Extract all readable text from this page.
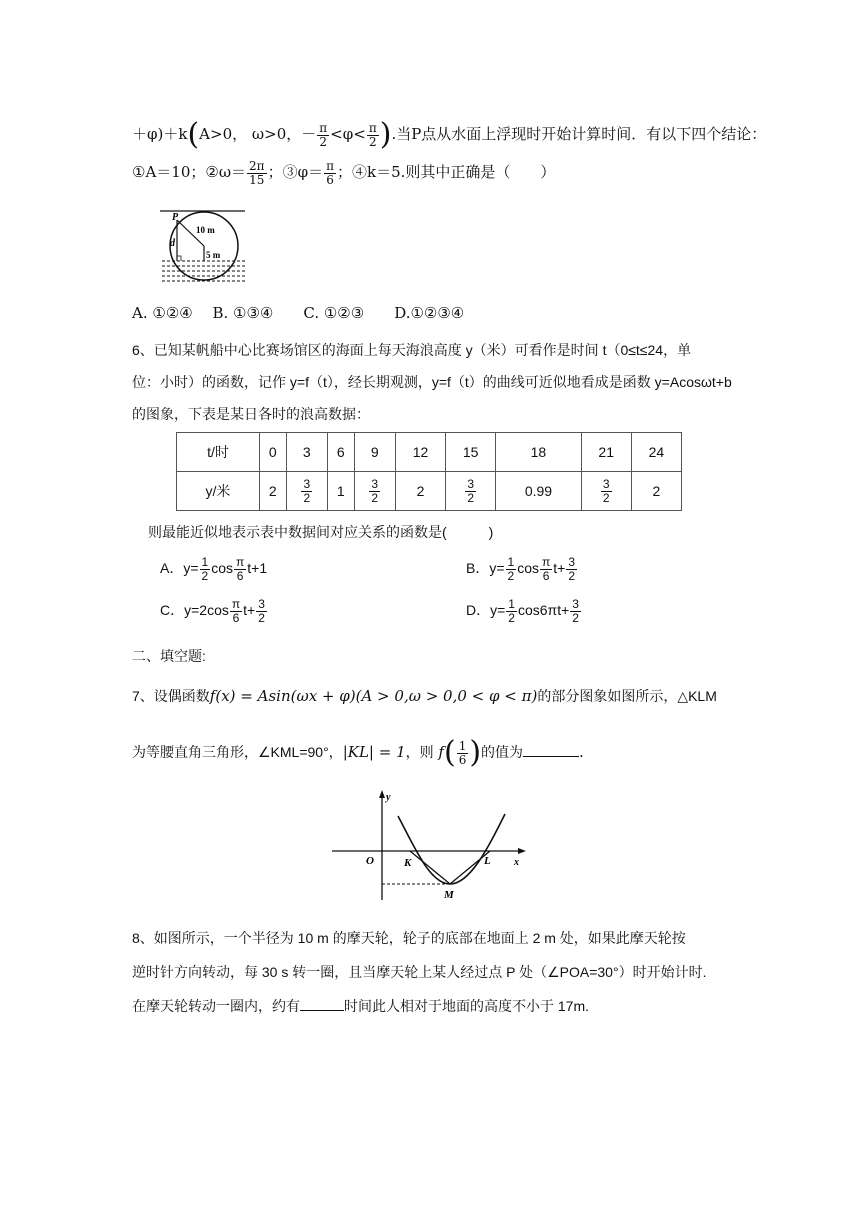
＋φ)＋k(A>0， ω>0，－ $\frac{\pi}{2} <\varphi< \frac{\pi}{2}$ ).当P点从水面上浮现时开始计算时间．有以下四个结论：
①A＝10；②ω＝ $\frac{2\pi}{15}$ ；③φ＝ $\frac{\pi}{6}$ ；④k＝5.则其中正确是（　　）
P
10 m
d
5 m
A. ①②④　 B. ①③④　　C. ①②③　　D.①②③④
6、已知某帆船中心比赛场馆区的海面上每天海浪高度 y（米）可看作是时间 t（0≤t≤24，单
位：小时）的函数，记作 y=f（t），经长期观测，y=f（t）的曲线可近似地看成是函数 y=Acosωt+b
的图象，下表是某日各时的浪高数据：
t/时	0	3	6	9	12	15	18	21	24
y/米	2	$\frac{3}{2}$	1	$\frac{3}{2}$	2	$\frac{3}{2}$	0.99	$\frac{3}{2}$	2
则最能近似地表示表中数据间对应关系的函数是(　　　)
A．$y= \frac{1}{2}$ $\cos \frac{\pi}{6} t+1$	B．$y= \frac{1}{2}$ $\cos \frac{\pi}{6} t+ \frac{3}{2}$
C．$y=2\cos \frac{\pi}{6} t+ \frac{3}{2}$	D．$y= \frac{1}{2} \cos 6\pi t+ \frac{3}{2}$
二、填空题:
7、设偶函数f(x) = Asin(ωx + φ)(A > 0,ω > 0,0 < φ < π)的部分图象如图所示，△KLM
为等腰直角三角形，∠KML=90°，|KL| = 1，则 $f( \frac{1}{6}$ )的值为	.
y
x
O	K	L
M
8、如图所示，一个半径为 10 m 的摩天轮，轮子的底部在地面上 2 m 处，如果此摩天轮按
逆时针方向转动，每 30 s 转一圈，且当摩天轮上某人经过点 P 处（∠POA=30°）时开始计时.
在摩天轮转动一圈内，约有	时间此人相对于地面的高度不小于 17m.
